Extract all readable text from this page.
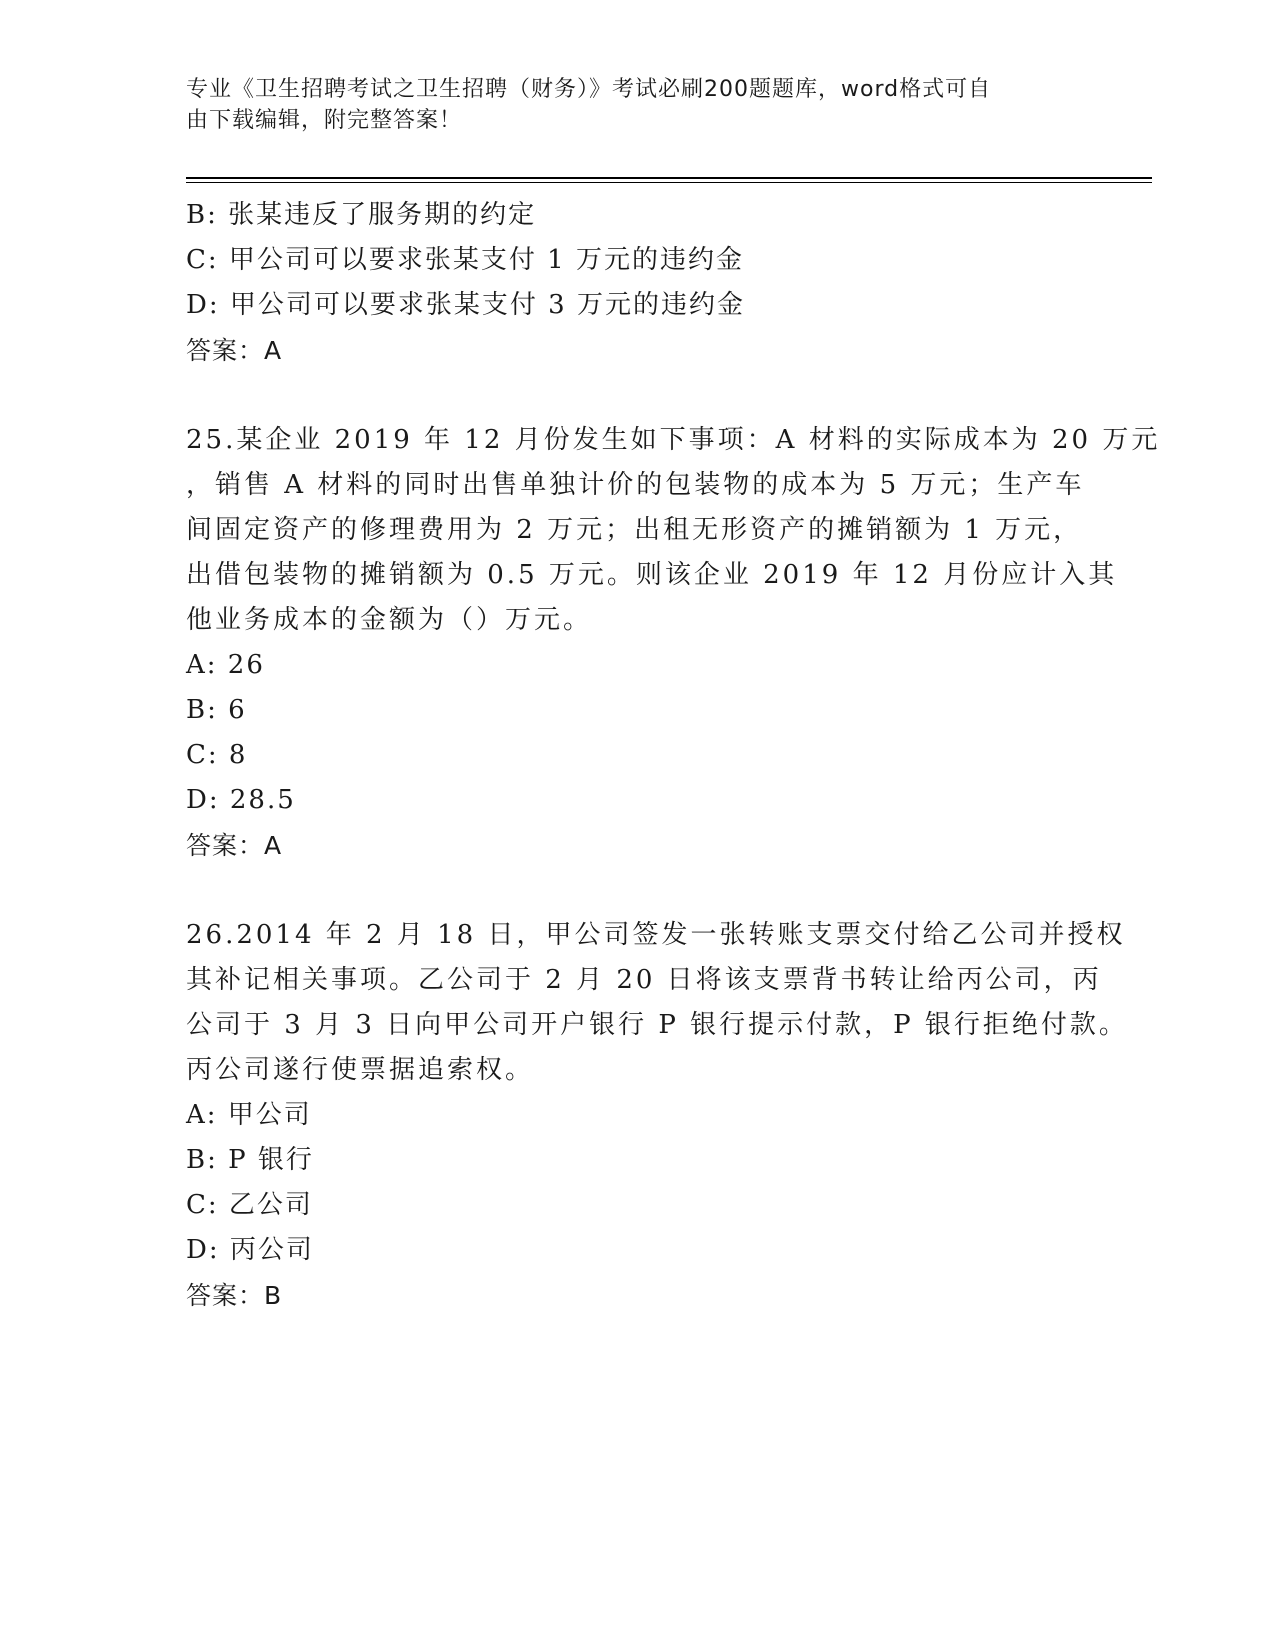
专业《卫生招聘考试之卫生招聘（财务）》考试必刷200题题库，word格式可自
由下载编辑，附完整答案！
B: 张某违反了服务期的约定
C: 甲公司可以要求张某支付 1 万元的违约金
D: 甲公司可以要求张某支付 3 万元的违约金
答案：A
25.某企业 2019 年 12 月份发生如下事项：A 材料的实际成本为 20 万元
，销售 A 材料的同时出售单独计价的包装物的成本为 5 万元；生产车
间固定资产的修理费用为 2 万元；出租无形资产的摊销额为 1 万元，
出借包装物的摊销额为 0.5 万元。则该企业 2019 年 12 月份应计入其
他业务成本的金额为（）万元。
A: 26
B: 6
C: 8
D: 28.5
答案：A
26.2014 年 2 月 18 日，甲公司签发一张转账支票交付给乙公司并授权
其补记相关事项。乙公司于 2 月 20 日将该支票背书转让给丙公司，丙
公司于 3 月 3 日向甲公司开户银行 P 银行提示付款，P 银行拒绝付款。
丙公司遂行使票据追索权。
A: 甲公司
B: P 银行
C: 乙公司
D: 丙公司
答案：B
